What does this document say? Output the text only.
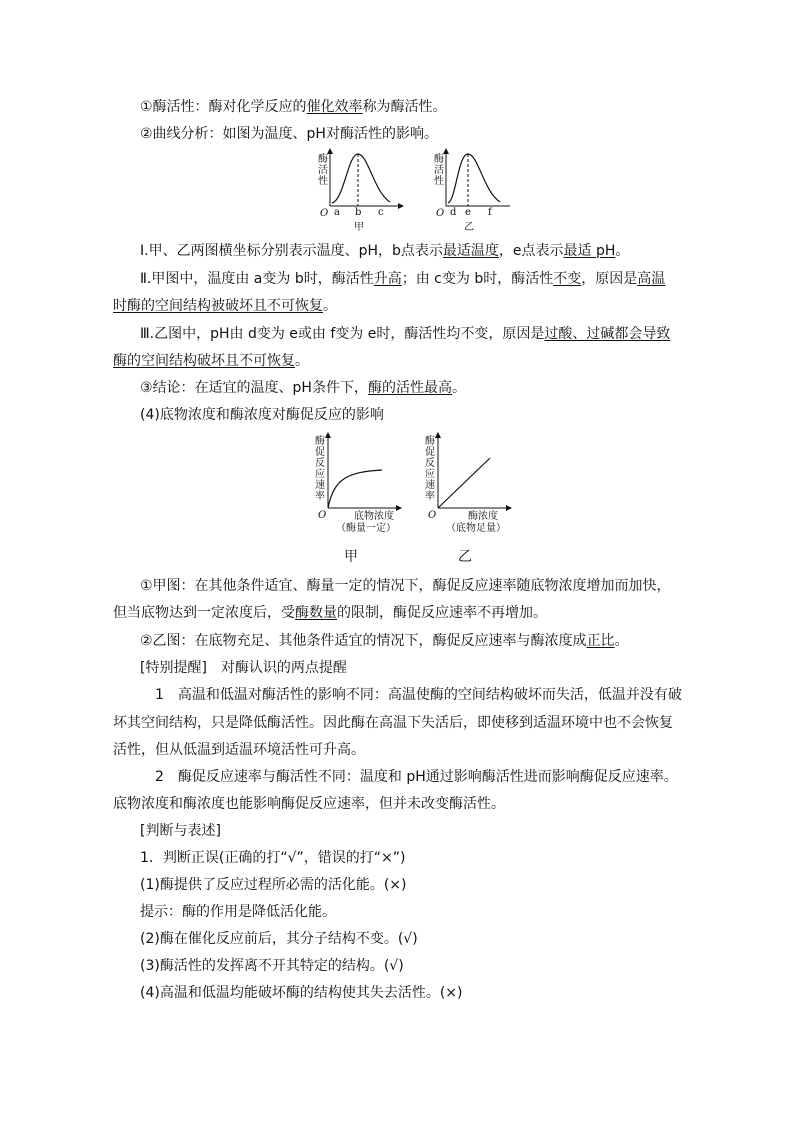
①酶活性：酶对化学反应的催化效率称为酶活性。
②曲线分析：如图为温度、pH对酶活性的影响。
Ⅰ.甲、乙两图横坐标分别表示温度、pH，b点表示最适温度，e点表示最适 pH。
Ⅱ.甲图中，温度由 a变为 b时，酶活性升高；由 c变为 b时，酶活性不变，原因是高温
时酶的空间结构被破坏且不可恢复。
Ⅲ.乙图中，pH由 d变为 e或由 f变为 e时，酶活性均不变，原因是过酸、过碱都会导致
酶的空间结构破坏且不可恢复。
③结论：在适宜的温度、pH条件下，酶的活性最高。
(4)底物浓度和酶浓度对酶促反应的影响
①甲图：在其他条件适宜、酶量一定的情况下，酶促反应速率随底物浓度增加而加快，
但当底物达到一定浓度后，受酶数量的限制，酶促反应速率不再增加。
②乙图：在底物充足、其他条件适宜的情况下，酶促反应速率与酶浓度成正比。
[特别提醒]　对酶认识的两点提醒
1　高温和低温对酶活性的影响不同：高温使酶的空间结构破坏而失活，低温并没有破
坏其空间结构，只是降低酶活性。因此酶在高温下失活后，即使移到适温环境中也不会恢复
活性，但从低温到适温环境活性可升高。
2　酶促反应速率与酶活性不同：温度和 pH通过影响酶活性进而影响酶促反应速率。
底物浓度和酶浓度也能影响酶促反应速率，但并未改变酶活性。
[判断与表述]
1．判断正误(正确的打“√”，错误的打“×”)
(1)酶提供了反应过程所必需的活化能。(×)
提示：酶的作用是降低活化能。
(2)酶在催化反应前后，其分子结构不变。(√)
(3)酶活性的发挥离不开其特定的结构。(√)
(4)高温和低温均能破坏酶的结构使其失去活性。(×)
酶
活
性
O a b c
甲
酶
活
性
O d e f
乙
酶
促
反
应
速
率
O	底物浓度
（酶量一定）
酶
促
反
应
速
率
O	酶浓度
（底物足量）
甲	乙
